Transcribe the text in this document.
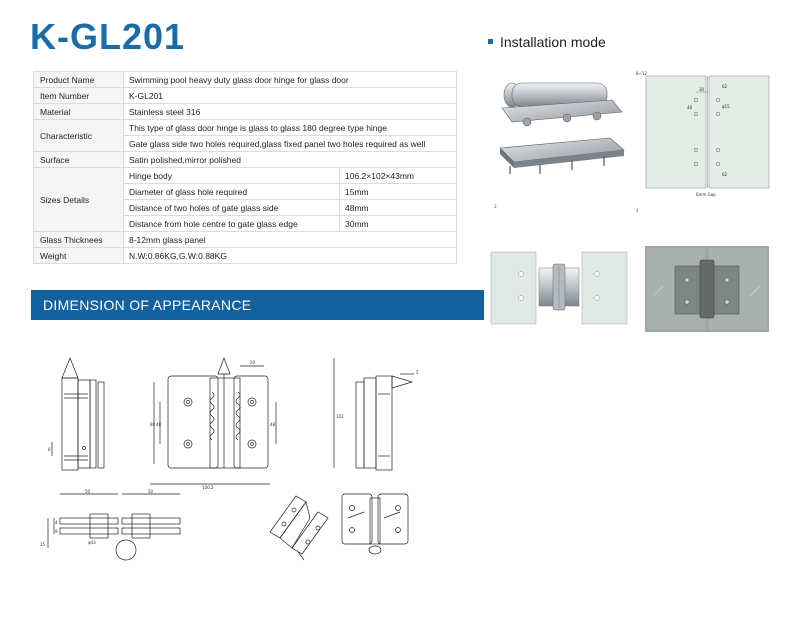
K-GL201	Installation mode
Product Name	Swimming pool heavy duty glass door hinge for glass door	
Item Number	K-GL201	
Material	Stainless steel 316	
Characteristic	This type of glass door hinge is glass to glass 180 degree type hinge	
	Gate glass side two holes required,glass fixed panel two holes required as well	
Surface	Satin polished,mirror polished	
Sizes Details	Hinge body	106.2×102×43mm
	Diameter of glass hole required	15mm
	Distance of two holes of gate glass side	48mm
	Distance from hole centre to gate glass edge	30mm
Glass Thicknees	8-12mm glass panel	
Weight	N.W:0.86KG,G.W:0.88KG	
DIMENSION OF APPEARANCE
3
8~12
30
48	φ15
62
62
6mm Gap
4
8
80 48	48
106.2
20
102
5
50	50
15
4
9
φ43
